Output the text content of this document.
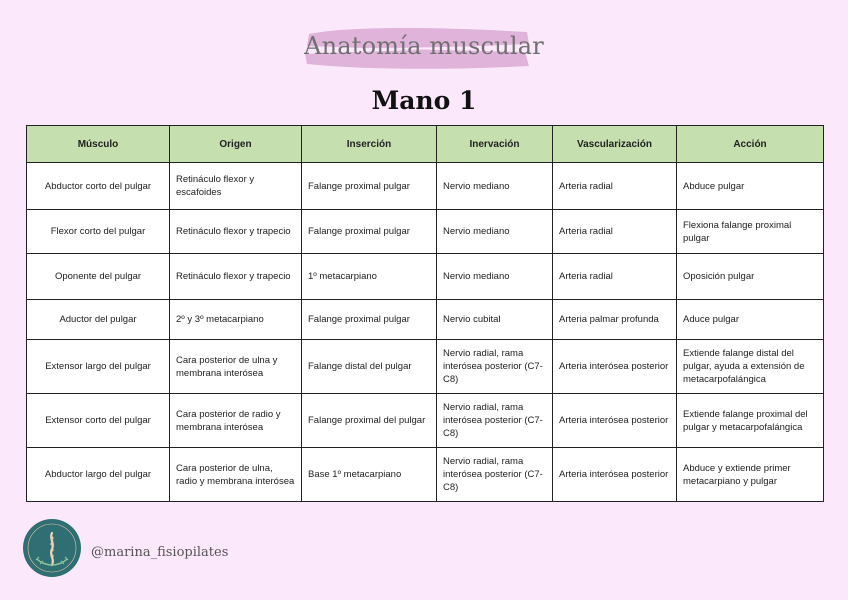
Anatomía muscular
Mano 1
Músculo	Origen	Inserción	Inervación	Vascularización	Acción
Abductor corto del pulgar	Retináculo flexor y escafoides	Falange proximal pulgar	Nervio mediano	Arteria radial	Abduce pulgar
Flexor corto del pulgar	Retináculo flexor y trapecio	Falange proximal pulgar	Nervio mediano	Arteria radial	Flexiona falange proximal pulgar
Oponente del pulgar	Retináculo flexor y trapecio	1º metacarpiano	Nervio mediano	Arteria radial	Oposición pulgar
Aductor del pulgar	2º y 3º metacarpiano	Falange proximal pulgar	Nervio cubital	Arteria palmar profunda	Aduce pulgar
Extensor largo del pulgar	Cara posterior de ulna y membrana interósea	Falange distal del pulgar	Nervio radial, rama interósea posterior (C7-C8)	Arteria interósea posterior	Extiende falange distal del pulgar, ayuda a extensión de metacarpofalángica
Extensor corto del pulgar	Cara posterior de radio y membrana interósea	Falange proximal del pulgar	Nervio radial, rama interósea posterior (C7-C8)	Arteria interósea posterior	Extiende falange proximal del pulgar y metacarpofalángica
Abductor largo del pulgar	Cara posterior de ulna, radio y membrana interósea	Base 1º metacarpiano	Nervio radial, rama interósea posterior (C7-C8)	Arteria interósea posterior	Abduce y extiende primer metacarpiano y pulgar
@marina_fisiopilates
